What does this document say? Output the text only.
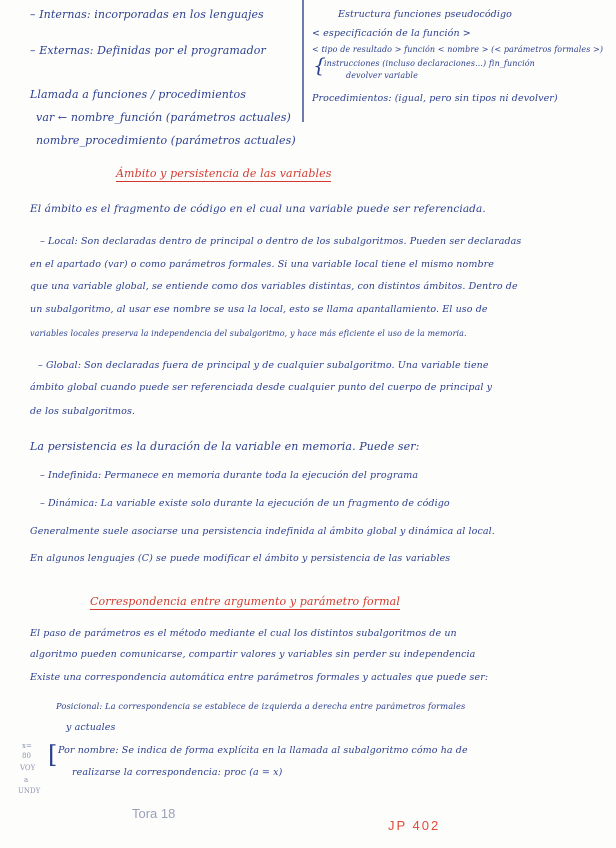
– Internas: incorporadas en los lenguajes
– Externas: Definidas por el programador
Llamada a funciones / procedimientos
var ← nombre_función (parámetros actuales)
nombre_procedimiento (parámetros actuales)
Estructura funciones pseudocódigo
< especificación de la función >
< tipo de resultado > función < nombre > (< parámetros formales >)
{
instrucciones (incluso declaraciones...) fin_función
devolver variable
Procedimientos: (igual, pero sin tipos ni devolver)
Ámbito y persistencia de las variables
El ámbito es el fragmento de código en el cual una variable puede ser referenciada.
– Local: Son declaradas dentro de principal o dentro de los subalgoritmos. Pueden ser declaradas
en el apartado (var) o como parámetros formales. Si una variable local tiene el mismo nombre
que una variable global, se entiende como dos variables distintas, con distintos ámbitos. Dentro de
un subalgoritmo, al usar ese nombre se usa la local, esto se llama apantallamiento. El uso de
variables locales preserva la independencia del subalgoritmo, y hace más eficiente el uso de la memoria.
– Global: Son declaradas fuera de principal y de cualquier subalgoritmo. Una variable tiene
ámbito global cuando puede ser referenciada desde cualquier punto del cuerpo de principal y
de los subalgoritmos.
La persistencia es la duración de la variable en memoria. Puede ser:
– Indefinida: Permanece en memoria durante toda la ejecución del programa
– Dinámica: La variable existe solo durante la ejecución de un fragmento de código
Generalmente suele asociarse una persistencia indefinida al ámbito global y dinámica al local.
En algunos lenguajes (C) se puede modificar el ámbito y persistencia de las variables
Correspondencia entre argumento y parámetro formal
El paso de parámetros es el método mediante el cual los distintos subalgoritmos de un
algoritmo pueden comunicarse, compartir valores y variables sin perder su independencia
Existe una correspondencia automática entre parámetros formales y actuales que puede ser:
Posicional: La correspondencia se establece de izquierda a derecha entre parámetros formales
y actuales
Por nombre: Se indica de forma explícita en la llamada al subalgoritmo cómo ha de
realizarse la correspondencia: proc (a = x)
[
x=
80
VOY
a
UNDY
Tora 18
JP 402
